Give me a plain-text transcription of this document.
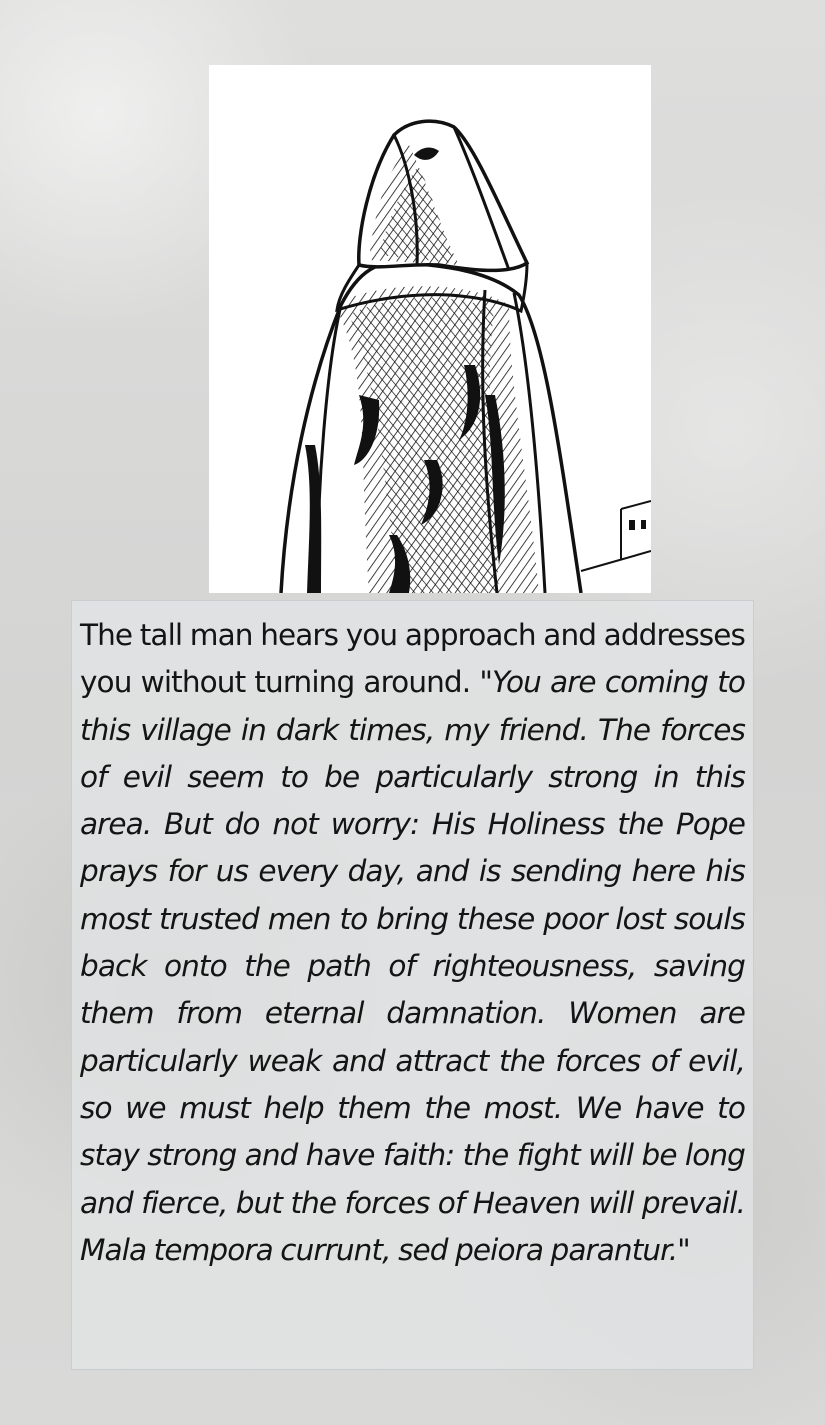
The tall man hears you approach and addresses you without turning around. "You are coming to this village in dark times, my friend. The forces of evil seem to be particularly strong in this area. But do not worry: His Holiness the Pope prays for us every day, and is sending here his most trusted men to bring these poor lost souls back onto the path of righteousness, saving them from eternal damnation. Women are particularly weak and attract the forces of evil, so we must help them the most. We have to stay strong and have faith: the fight will be long and fierce, but the forces of Heaven will prevail. Mala tempora currunt, sed peiora parantur."
